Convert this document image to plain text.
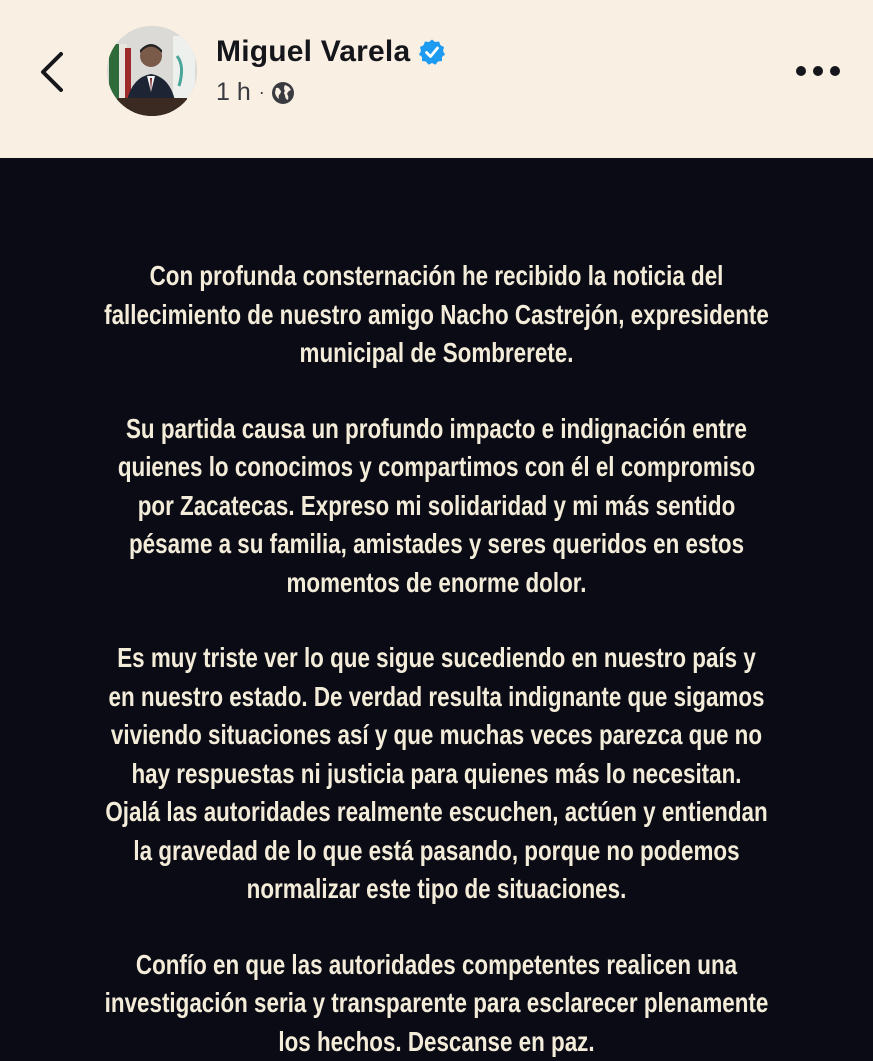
Miguel Varela
1 h ·

Con profunda consternación he recibido la noticia del fallecimiento de nuestro amigo Nacho Castrejón, expresidente municipal de Sombrerete.

Su partida causa un profundo impacto e indignación entre quienes lo conocimos y compartimos con él el compromiso por Zacatecas. Expreso mi solidaridad y mi más sentido pésame a su familia, amistades y seres queridos en estos momentos de enorme dolor.

Es muy triste ver lo que sigue sucediendo en nuestro país y en nuestro estado. De verdad resulta indignante que sigamos viviendo situaciones así y que muchas veces parezca que no hay respuestas ni justicia para quienes más lo necesitan. Ojalá las autoridades realmente escuchen, actúen y entiendan la gravedad de lo que está pasando, porque no podemos normalizar este tipo de situaciones.

Confío en que las autoridades competentes realicen una investigación seria y transparente para esclarecer plenamente los hechos. Descanse en paz.
